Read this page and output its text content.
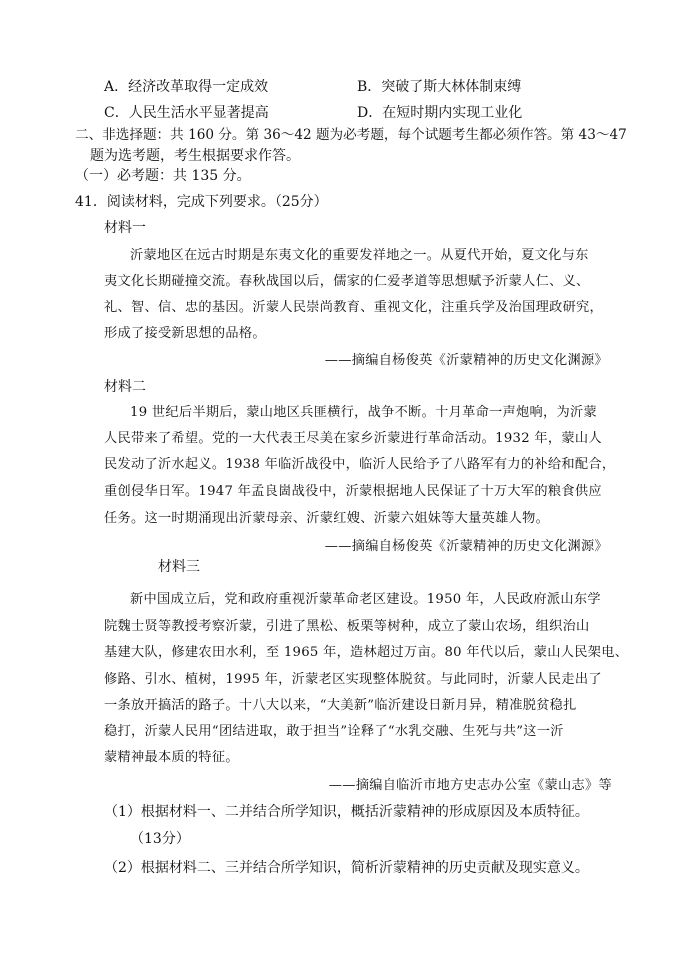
A．经济改革取得一定成效	B．突破了斯大林体制束缚
C．人民生活水平显著提高	D．在短时期内实现工业化
二、非选择题：共 160 分。第 36～42 题为必考题，每个试题考生都必须作答。第 43～47
题为选考题，考生根据要求作答。
（一）必考题：共 135 分。
41．阅读材料，完成下列要求。（25分）
材料一
沂蒙地区在远古时期是东夷文化的重要发祥地之一。从夏代开始，夏文化与东
夷文化长期碰撞交流。春秋战国以后，儒家的仁爱孝道等思想赋予沂蒙人仁、义、
礼、智、信、忠的基因。沂蒙人民崇尚教育、重视文化，注重兵学及治国理政研究，
形成了接受新思想的品格。
——摘编自杨俊英《沂蒙精神的历史文化渊源》
材料二
19 世纪后半期后，蒙山地区兵匪横行，战争不断。十月革命一声炮响，为沂蒙
人民带来了希望。党的一大代表王尽美在家乡沂蒙进行革命活动。1932 年，蒙山人
民发动了沂水起义。1938 年临沂战役中，临沂人民给予了八路军有力的补给和配合，
重创侵华日军。1947 年孟良崮战役中，沂蒙根据地人民保证了十万大军的粮食供应
任务。这一时期涌现出沂蒙母亲、沂蒙红嫂、沂蒙六姐妹等大量英雄人物。
——摘编自杨俊英《沂蒙精神的历史文化渊源》
材料三
新中国成立后，党和政府重视沂蒙革命老区建设。1950 年，人民政府派山东学
院魏士贤等教授考察沂蒙，引进了黑松、板栗等树种，成立了蒙山农场，组织治山
基建大队，修建农田水利，至 1965 年，造林超过万亩。80 年代以后，蒙山人民架电、
修路、引水、植树，1995 年，沂蒙老区实现整体脱贫。与此同时，沂蒙人民走出了
一条放开搞活的路子。十八大以来，“大美新”临沂建设日新月异，精准脱贫稳扎
稳打，沂蒙人民用“团结进取，敢于担当”诠释了“水乳交融、生死与共”这一沂
蒙精神最本质的特征。
——摘编自临沂市地方史志办公室《蒙山志》等
（1）根据材料一、二并结合所学知识，概括沂蒙精神的形成原因及本质特征。
（13分）
（2）根据材料二、三并结合所学知识，简析沂蒙精神的历史贡献及现实意义。
